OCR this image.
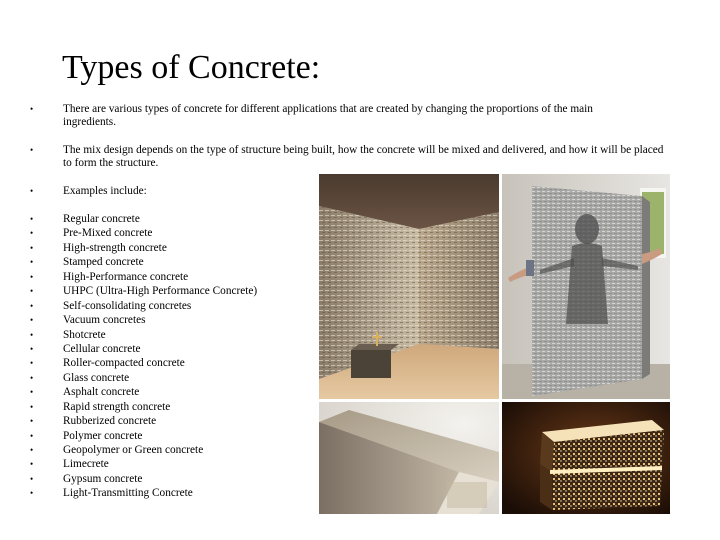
Types of Concrete:
•	There are various types of concrete for different applications that are created by changing the proportions of the main ingredients.
•	The mix design depends on the type of structure being built, how the concrete will be mixed and delivered, and how it will be placed to form the structure.
•	Examples include:
•	Regular concrete
•	Pre-Mixed concrete
•	High-strength concrete
•	Stamped concrete
•	High-Performance concrete
•	UHPC (Ultra-High Performance Concrete)
•	Self-consolidating concretes
•	Vacuum concretes
•	Shotcrete
•	Cellular concrete
•	Roller-compacted concrete
•	Glass concrete
•	Asphalt concrete
•	Rapid strength concrete
•	Rubberized concrete
•	Polymer concrete
•	Geopolymer or Green concrete
•	Limecrete
•	Gypsum concrete
•	Light-Transmitting Concrete
